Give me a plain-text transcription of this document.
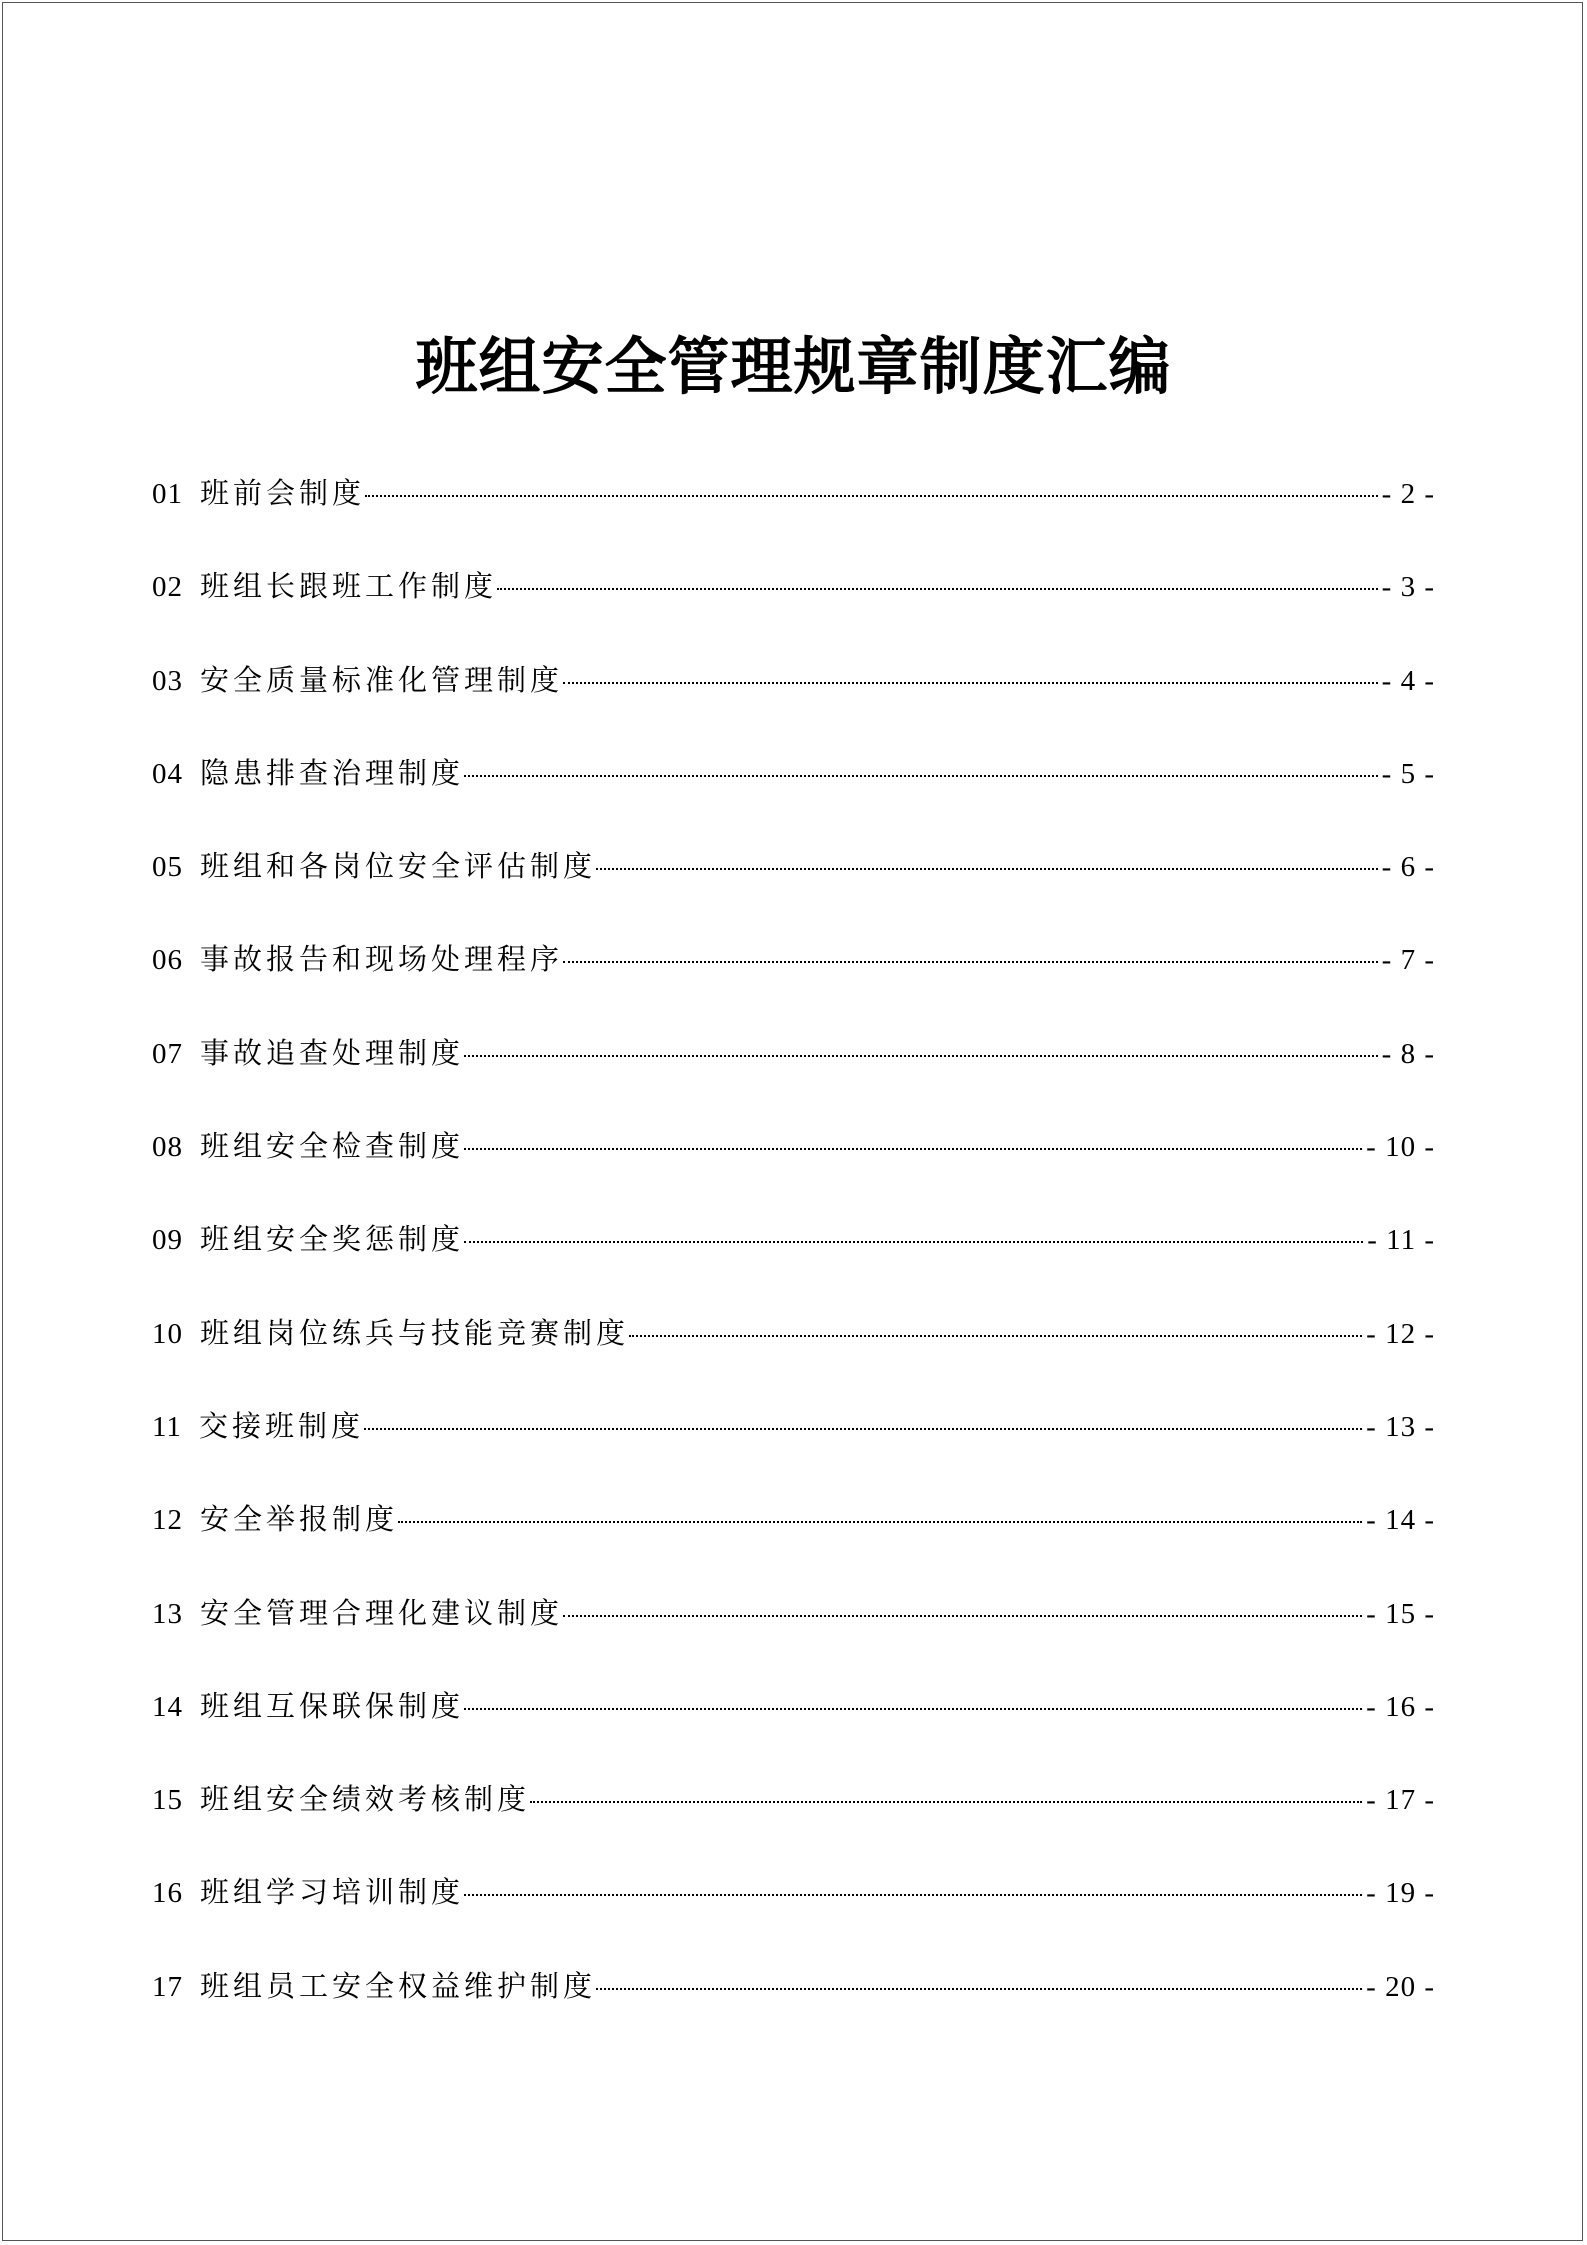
班组安全管理规章制度汇编
01 班前会制度	- 2 -
02 班组长跟班工作制度	- 3 -
03 安全质量标准化管理制度	- 4 -
04 隐患排查治理制度	- 5 -
05 班组和各岗位安全评估制度	- 6 -
06 事故报告和现场处理程序	- 7 -
07 事故追查处理制度	- 8 -
08 班组安全检查制度	- 10 -
09 班组安全奖惩制度	- 11 -
10 班组岗位练兵与技能竞赛制度	- 12 -
11 交接班制度	- 13 -
12 安全举报制度	- 14 -
13 安全管理合理化建议制度	- 15 -
14 班组互保联保制度	- 16 -
15 班组安全绩效考核制度	- 17 -
16 班组学习培训制度	- 19 -
17 班组员工安全权益维护制度	- 20 -
